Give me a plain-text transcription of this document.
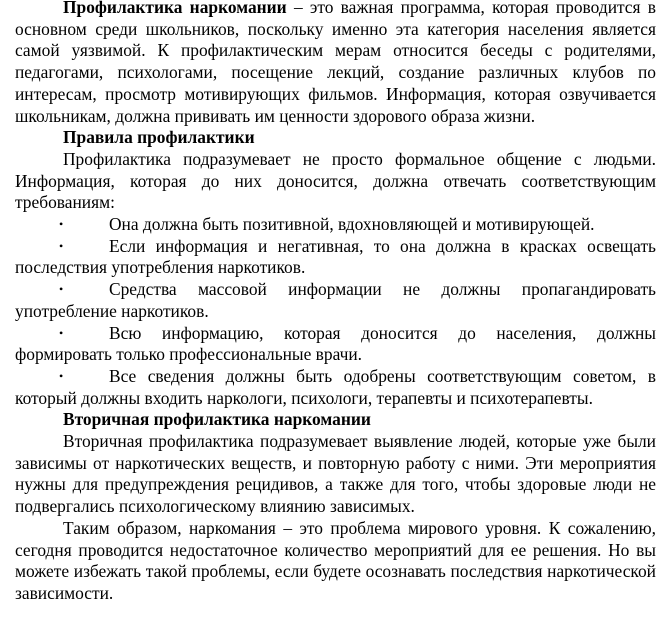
Профилактика наркомании – это важная программа, которая проводится в основном среди школьников, поскольку именно эта категория населения является самой уязвимой. К профилактическим мерам относится беседы с родителями, педагогами, психологами, посещение лекций, создание различных клубов по интересам, просмотр мотивирующих фильмов. Информация, которая озвучивается школьникам, должна прививать им ценности здорового образа жизни.

Правила профилактики

Профилактика подразумевает не просто формальное общение с людьми. Информация, которая до них доносится, должна отвечать соответствующим требованиям:

•	Она должна быть позитивной, вдохновляющей и мотивирующей.
•	Если информация и негативная, то она должна в красках освещать последствия употребления наркотиков.
•	Средства массовой информации не должны пропагандировать употребление наркотиков.
•	Всю информацию, которая доносится до населения, должны формировать только профессиональные врачи.
•	Все сведения должны быть одобрены соответствующим советом, в который должны входить наркологи, психологи, терапевты и психотерапевты.

Вторичная профилактика наркомании

Вторичная профилактика подразумевает выявление людей, которые уже были зависимы от наркотических веществ, и повторную работу с ними. Эти мероприятия нужны для предупреждения рецидивов, а также для того, чтобы здоровые люди не подвергались психологическому влиянию зависимых.

Таким образом, наркомания – это проблема мирового уровня. К сожалению, сегодня проводится недостаточное количество мероприятий для ее решения. Но вы можете избежать такой проблемы, если будете осознавать последствия наркотической зависимости.
